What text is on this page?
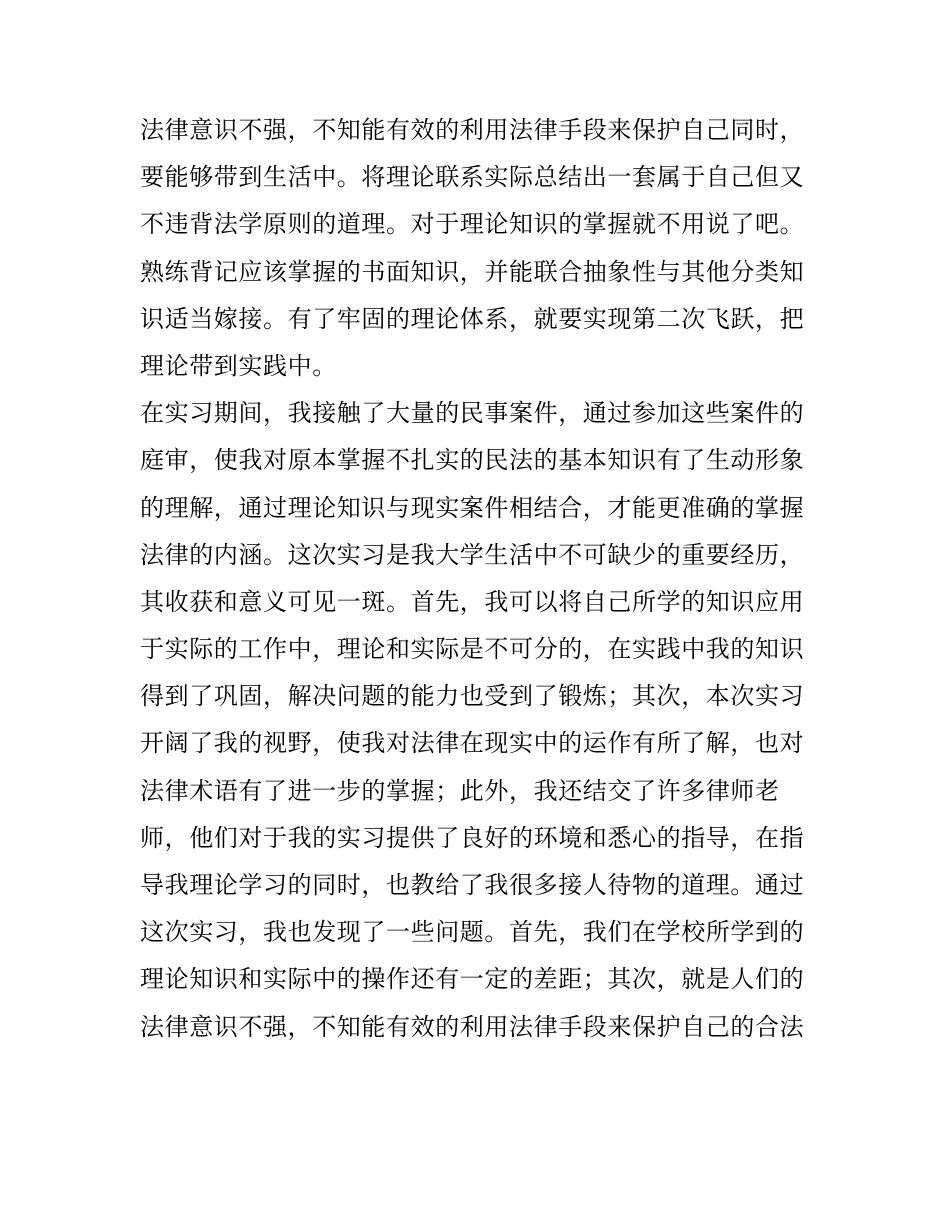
法律意识不强，不知能有效的利用法律手段来保护自己同时，
要能够带到生活中。将理论联系实际总结出一套属于自己但又
不违背法学原则的道理。对于理论知识的掌握就不用说了吧。
熟练背记应该掌握的书面知识，并能联合抽象性与其他分类知
识适当嫁接。有了牢固的理论体系，就要实现第二次飞跃，把
理论带到实践中。
在实习期间，我接触了大量的民事案件，通过参加这些案件的
庭审，使我对原本掌握不扎实的民法的基本知识有了生动形象
的理解，通过理论知识与现实案件相结合，才能更准确的掌握
法律的内涵。这次实习是我大学生活中不可缺少的重要经历，
其收获和意义可见一斑。首先，我可以将自己所学的知识应用
于实际的工作中，理论和实际是不可分的，在实践中我的知识
得到了巩固，解决问题的能力也受到了锻炼；其次，本次实习
开阔了我的视野，使我对法律在现实中的运作有所了解，也对
法律术语有了进一步的掌握；此外，我还结交了许多律师老
师，他们对于我的实习提供了良好的环境和悉心的指导，在指
导我理论学习的同时，也教给了我很多接人待物的道理。通过
这次实习，我也发现了一些问题。首先，我们在学校所学到的
理论知识和实际中的操作还有一定的差距；其次，就是人们的
法律意识不强，不知能有效的利用法律手段来保护自己的合法
